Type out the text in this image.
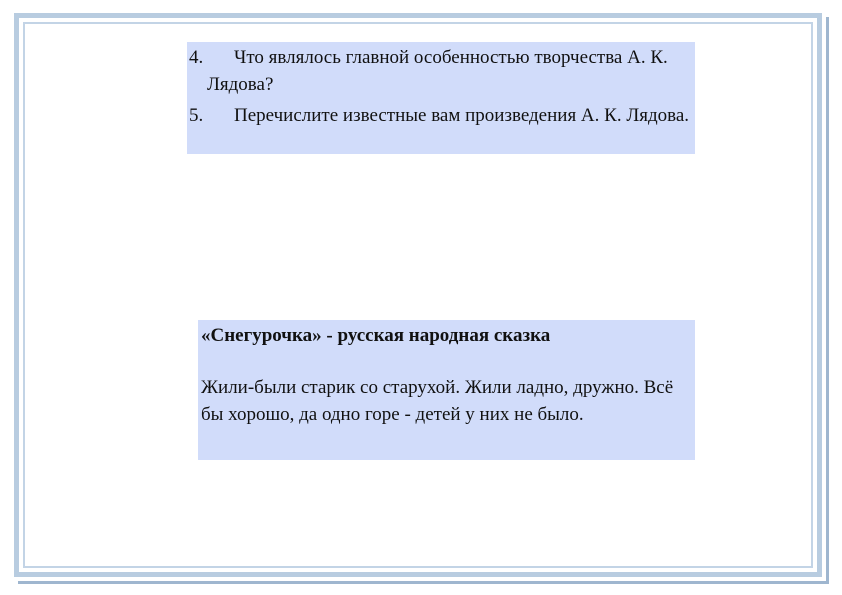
4.	Что являлось главной особенностью творчества А. К. Лядова?
5.	Перечислите известные вам произведения А. К. Лядова.

«Снегурочка» - русская народная сказка

Жили-были старик со старухой. Жили ладно, дружно. Всё бы хорошо, да одно горе - детей у них не было.
